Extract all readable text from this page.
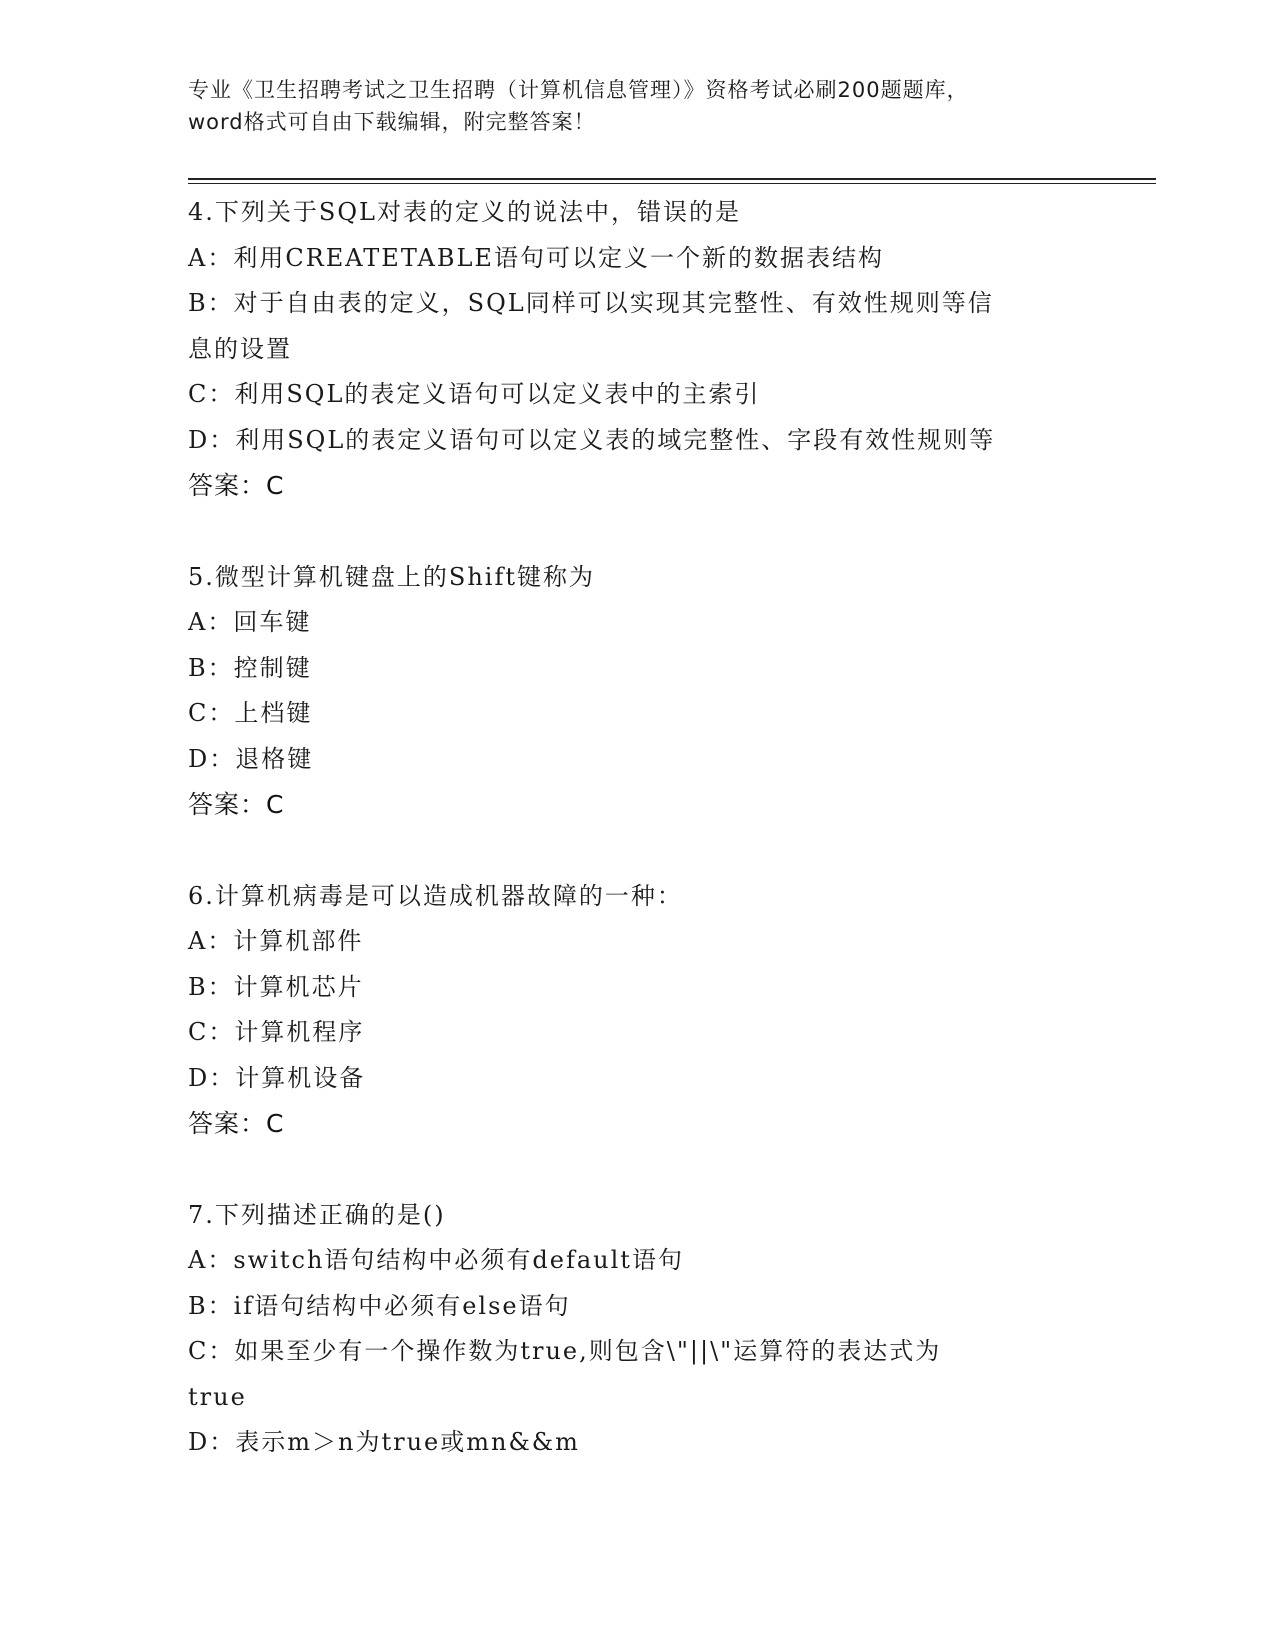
专业《卫生招聘考试之卫生招聘（计算机信息管理）》资格考试必刷200题题库，
word格式可自由下载编辑，附完整答案！
4.下列关于SQL对表的定义的说法中，错误的是
A：利用CREATETABLE语句可以定义一个新的数据表结构
B：对于自由表的定义，SQL同样可以实现其完整性、有效性规则等信
息的设置
C：利用SQL的表定义语句可以定义表中的主索引
D：利用SQL的表定义语句可以定义表的域完整性、字段有效性规则等
答案：C
5.微型计算机键盘上的Shift键称为
A：回车键
B：控制键
C：上档键
D：退格键
答案：C
6.计算机病毒是可以造成机器故障的一种：
A：计算机部件
B：计算机芯片
C：计算机程序
D：计算机设备
答案：C
7.下列描述正确的是()
A：switch语句结构中必须有default语句
B：if语句结构中必须有else语句
C：如果至少有一个操作数为true,则包含\"||\"运算符的表达式为
true
D：表示m＞n为true或mn&&m
